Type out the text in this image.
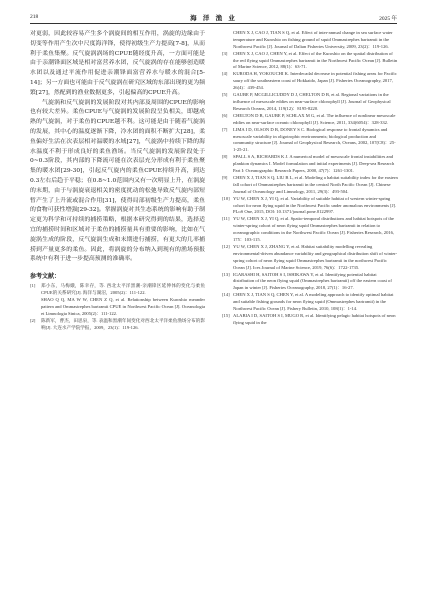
218	海 洋 渔 业	2025 年

对更弱，因此较容易产生多个涡旋间的相互作用，涡旋的边缘由于切变等作用产生次中尺度海洋锋，使得初级生产力提高[7-8]，从而利于柔鱼集聚。反气旋涡涡场的CPUE随经度升高，一方面可能是由于亲潮锋面区域是相对富营养水团，反气旋涡的存在能够创造暖水团以及通过平流作用促进亲潮锋面富营养水与暖水的混合[5-14]；另一方面也可能由于反气旋涡在研究区域的东部出现的更为频繁[27]，然配到的渔业数据更多，引起偏高的CPUE升高。

气旋涡和反气旋涡的发展阶段对其内部及周围的CPUE的影响也有较大差异。柔鱼CPUE与气旋涡的发展阶段呈负相关，即越成熟的气旋涡，对于柔鱼的CPUE越不利。这可能是由于随着气旋涡的发展，其中心的温度逐渐下降，冷水团的面积不断扩大[28]，柔鱼偏好生活在次表层相对温暖的水域[27]，气旋涡中持续下降的海水温度不利于形成良好的柔鱼渔场。当反气旋涡的发展阶段处于0~0.3阶段，其内部的下降流可能在次表层充分形成有利于柔鱼聚集的暖水团[29-30]，引起反气旋内的柔鱼CPUE持续升高，到达0.3左右后趋于平稳；在0.8~1.0范围内又有一次明显上升，在涡旋的末期，由于与涡旋衰退相关的密度扰动的松弛导致反气旋内部短暂产生了上升流或混合作用[31]，使得局部初级生产力提高，柔鱼的食物可获性增强[29-32]。掌握涡旋对其生态系统的影响有助于制定更为科学和可持续的捕捞策略，根据本研究得到的结果，选择适宜的捕捞时间和区域对于柔鱼的捕捞量具有重要的影响，比如在气旋涡生成的阶段，反气旋涡生成和末期进行捕捞，有更大的几率捕捞到产量更多的柔鱼。因此，将涡旋的分布纳入到现有的渔场预报系统中有利于进一步提高预测的准确率。

参考文献：
[1]	郑小东，马梅娥，陈幸存，等. 西北太平洋黑潮-亲潮锋区延伸体的变化与柔鱼CPUE的关系研究[J]. 海洋与湖沼，2005(2)：111-122.
SHAO Q Q, MA W W, CHEN Z Q, et al. Relationship between Kuroshio meander pattern and Ommastrephes bartramii CPUE in Northwest Pacific Ocean [J]. Oceanologia et Limnologia Sinica, 2005(2)：111-122.
[2]	陈新军，曹杰，田思泉，等. 表温和黑潮年间变化对西北太平洋柔鱼渔场分布的影响[J]. 大连水产学院学报，2009，23(1)：119-126.
CHEN X J, CAO J, TIAN S Q, et al. Effect of inter-annual change in sea surface water temperature and Kuroshio on fishing ground of squid Ommastrephes bartramii in the Northwest Pacific [J]. Journal of Dalian Fisheries University, 2009, 23(2)：119-126.
[3]	CHEN X J, CAO J, CHEN Y, et al. Effect of the Kuroshio on the spatial distribution of the red flying squid Ommastrephes bartramii in the Northwest Pacific Ocean [J]. Bulletin of Marine Science, 2012, 88(1)：63-71.
[4]	KURODA H, YOKOUCHI K. Interdecadal decrease in potential fishing areas for Pacific saury off the southeastern coast of Hokkaido, Japan [J]. Fisheries Oceanography, 2017, 26(4)：439-454.
[5]	GAUBE P, MCGILLICUDDY D J, CHELTON D B, et al. Regional variations in the influence of mesoscale eddies on near-surface chlorophyll [J]. Journal of Geophysical Research Oceans, 2014, 119(12)：8195-8220.
[6]	CHELTON D B, GAUBE P, SCHLAX M G, et al. The influence of nonlinear mesoscale eddies on near-surface oceanic chlorophyll [J]. Science, 2011, 334(6054)：328-332.
[7]	LIMA I D, OLSON D B, DONEY S C. Biological response to frontal dynamics and mesoscale variability in oligotrophic environments; biological production and community structure [J]. Journal of Geophysical Research, Oceans, 2002, 107(C8)：25-1-25-21.
[8]	SPALL S A, RICHARDS K J. A numerical model of mesoscale frontal instabilities and plankton dynamics I. Model formulation and initial experiments [J]. Deep-sea Research Part I: Oceanographic Research Papers, 2000, 47(7)：1261-1301.
[9]	CHEN X J, TIAN S Q, LIU B L, et al. Modeling a habitat suitability index for the eastern fall cohort of Ommastrephes bartramii in the central North Pacific Ocean [J]. Chinese Journal of Oceanology and Limnology, 2011, 29(3)：493-504.
[10] YU W, CHEN X J, YI Q, et al. Variability of suitable habitat of western winter-spring cohort for neon flying squid in the Northwest Pacific under anomalous environments [J]. PLoS One, 2015, DOI: 10.1371/journal.pone.0122997.
[11] YU W, CHEN X J, YI Q, et al. Spatio-temporal distributions and habitat hotspots of the winter-spring cohort of neon flying squid Ommastrephes bartramii in relation to oceanographic conditions in the Northwest Pacific Ocean [J]. Fisheries Research, 2016, 175：103-115.
[12] YU W, CHEN X J, ZHANG Y, et al. Habitat suitability modelling revealing environmental-driven abundance variability and geographical distribution shift of winter-spring cohort of neon flying squid Ommastrephes bartramii in the northwest Pacific Ocean [J]. Ices Journal of Marine Science, 2019, 76(6)：1722-1735.
[13] IGARASHI H, SAITOH S I, ISHIKAWA Y, et al. Identifying potential habitat distribution of the neon flying squid (Ommastrephes bartramii) off the eastern coast of Japan in winter [J]. Fisheries Oceanography, 2018, 27(1)：16-27.
[14] CHEN X J, TIAN S Q, CHEN Y, et al. A modeling approach to identify optimal habitat and suitable fishing grounds for neon flying squid (Ommastrephes bartramii) in the Northwest Pacific Ocean [J]. Fishery Bulletin, 2010, 108(1)：1-14.
[15] ALABIA I D, SAITOH S I, MUGO R, et al. Identifying pelagic habitat hotspots of neon flying squid in the
